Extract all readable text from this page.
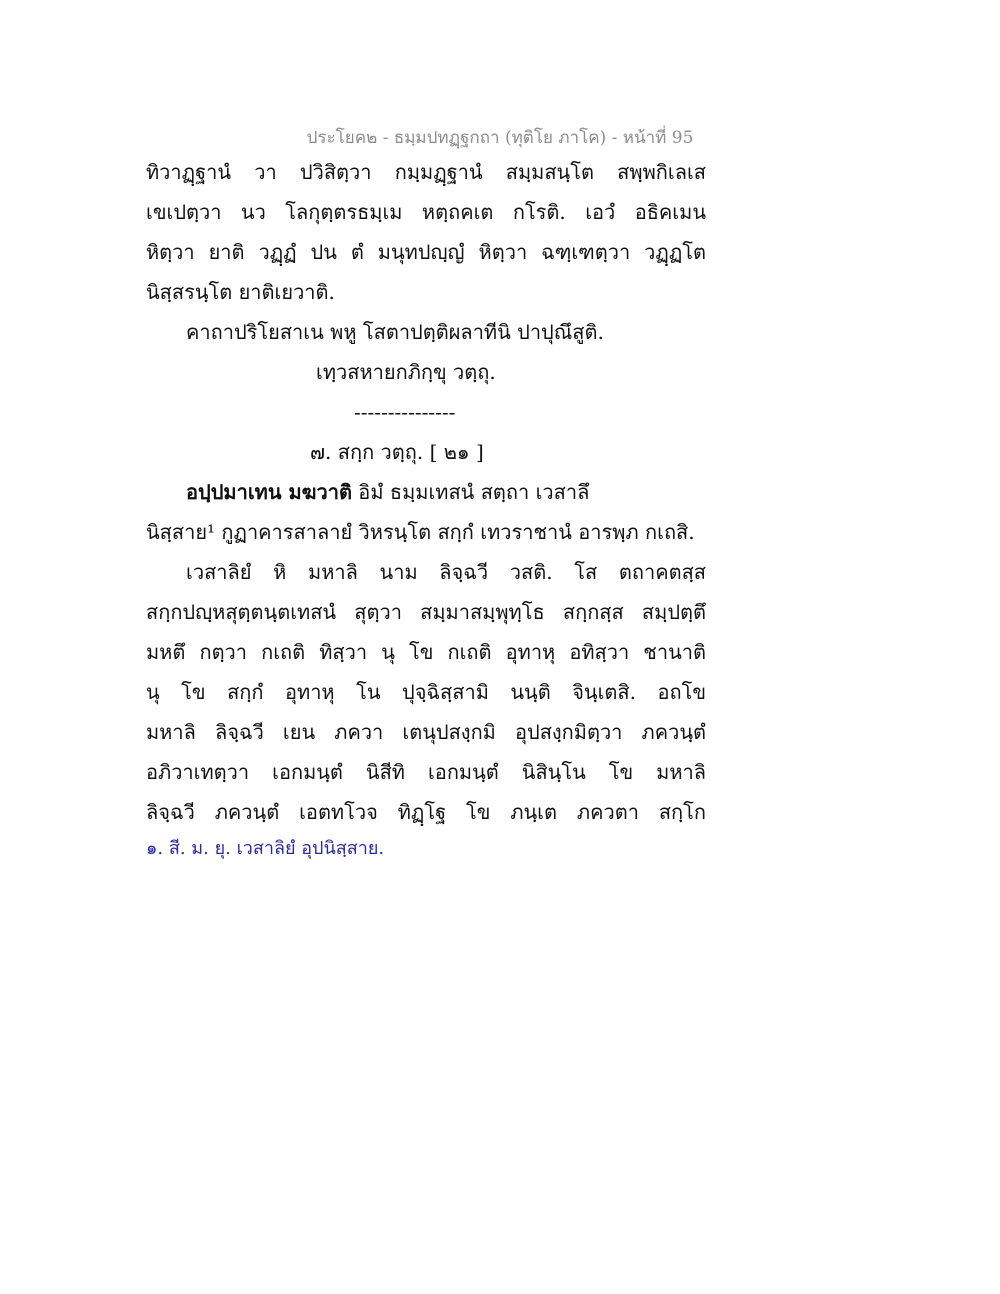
ประโยค๒ - ธมฺมปทฏฺฐกถา (ทุติโย ภาโค) - หน้าที่ 95
ทิวาฏฺฐานํ วา ปวิสิตฺวา กมฺมฏฺฐานํ สมฺมสนฺโต สพฺพกิเลเส
เขเปตฺวา นว โลกุตฺตรธมฺเม หตฺถคเต กโรติ. เอวํ อธิคเมน
หิตฺวา ยาติ วฏฺฏํ ปน ตํ มนุทปญฺญํ หิตฺวา ฉฑฺเฑตฺวา วฏฺฏโต
นิสฺสรนฺโต ยาติเยวาติ.
คาถาปริโยสาเน พหู โสตาปตฺติผลาทีนิ ปาปุณึสูติ.
เทฺวสหายกภิกฺขุ วตฺถุ.
---------------
๗. สกฺก วตฺถุ. [ ๒๑ ]
อปฺปมาเทน มฆวาติ อิมํ ธมฺมเทสนํ สตฺถา เวสาลึ
นิสฺสาย¹ กูฏาคารสาลายํ วิหรนฺโต สกฺกํ เทวราชานํ อารพฺภ กเถสิ.
เวสาลิยํ หิ มหาลิ นาม ลิจฺฉวี วสติ. โส ตถาคตสฺส
สกฺกปญฺหสุตฺตนฺตเทสนํ สุตฺวา สมฺมาสมฺพุทฺโธ สกฺกสฺส สมฺปตฺตึ
มหตึ กตฺวา กเถติ ทิสฺวา นุ โข กเถติ อุทาหุ อทิสฺวา ชานาติ
นุ โข สกฺกํ อุทาหุ โน ปุจฺฉิสฺสามิ นนฺติ จินฺเตสิ. อถโข
มหาลิ ลิจฺฉวี เยน ภควา เตนุปสงฺกมิ อุปสงฺกมิตฺวา ภควนฺตํ
อภิวาเทตฺวา เอกมนฺตํ นิสีทิ เอกมนฺตํ นิสินฺโน โข มหาลิ
ลิจฺฉวี ภควนฺตํ เอตทโวจ ทิฏฺโฐ โข ภนฺเต ภควตา สกฺโก
๑. สี. ม. ยุ. เวสาลิยํ อุปนิสฺสาย.
